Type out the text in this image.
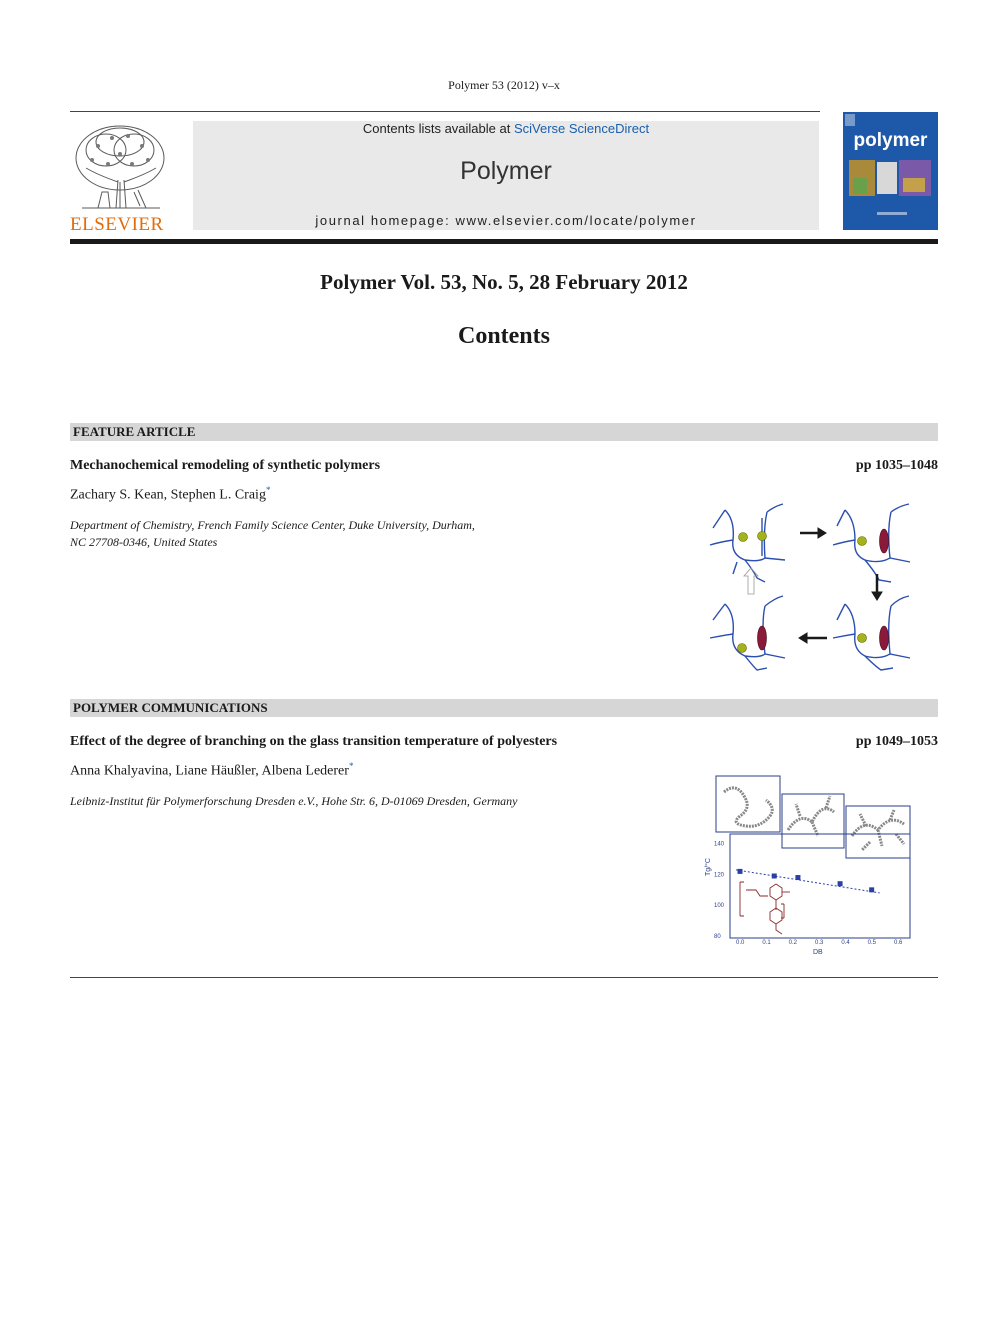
Polymer 53 (2012) v–x
ELSEVIER
Contents lists available at SciVerse ScienceDirect
Polymer
journal homepage: www.elsevier.com/locate/polymer
polymer
Polymer Vol. 53, No. 5, 28 February 2012
Contents
FEATURE ARTICLE
Mechanochemical remodeling of synthetic polymers	pp 1035–1048
Zachary S. Kean, Stephen L. Craig*
Department of Chemistry, French Family Science Center, Duke University, Durham,
NC 27708-0346, United States
POLYMER COMMUNICATIONS
Effect of the degree of branching on the glass transition temperature of polyesters	pp 1049–1053
Anna Khalyavina, Liane Häußler, Albena Lederer*
Leibniz-Institut für Polymerforschung Dresden e.V., Hohe Str. 6, D-01069 Dresden, Germany
80
100
120
140
0.0	0.1	0.2	0.3	0.4	0.5	0.6
Tg/°C
DB
